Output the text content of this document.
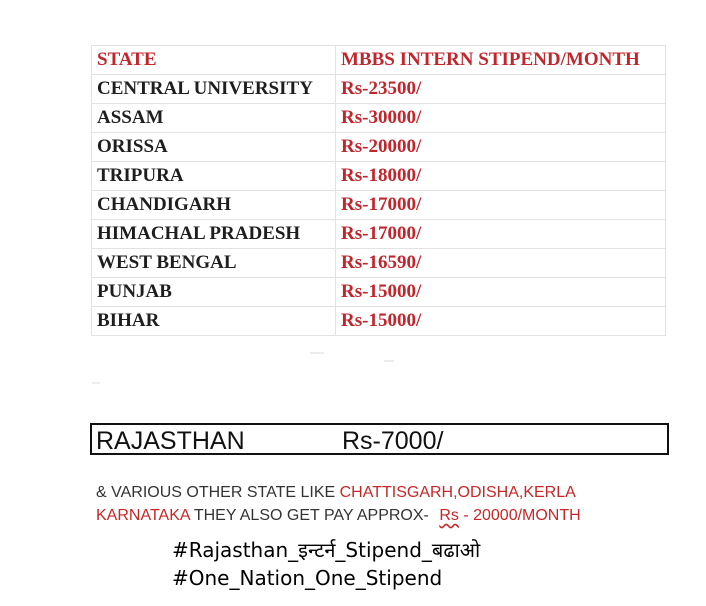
STATE	MBBS INTERN STIPEND/MONTH
CENTRAL UNIVERSITY	Rs-23500/
ASSAM	Rs-30000/
ORISSA	Rs-20000/
TRIPURA	Rs-18000/
CHANDIGARH	Rs-17000/
HIMACHAL PRADESH	Rs-17000/
WEST BENGAL	Rs-16590/
PUNJAB	Rs-15000/
BIHAR	Rs-15000/
RAJASTHAN	Rs-7000/
& VARIOUS OTHER STATE LIKE CHATTISGARH,ODISHA,KERLA
KARNATAKA THEY ALSO GET PAY APPROX- Rs - 20000/MONTH
#Rajasthan_इन्टर्न_Stipend_बढाओ
#One_Nation_One_Stipend
